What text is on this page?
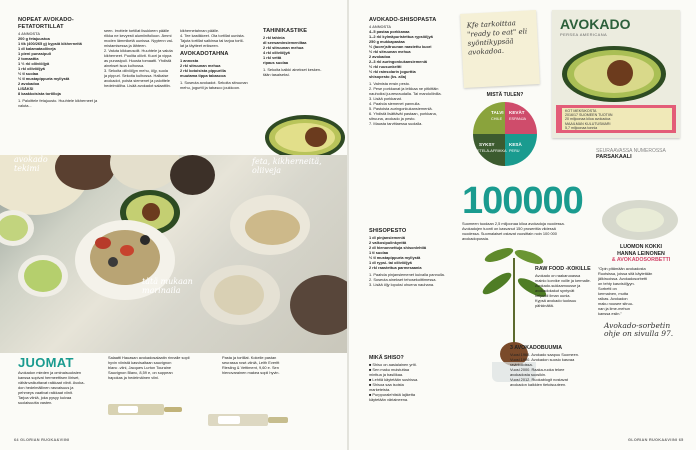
NOPEAT AVOKADO-FETATORTILLAT
4 ANNOSTA

200 g fetajuustoa

1 tlk (400/265 g) kypsiä kikherneitä

1 dl kalamataoliiveja

1 pieni punasipuli

2 tomaattia

1 ½ rkl oliiviöljyä

1 rkl oliiviöljyä

½ tl suolaa

½ tl mustapippuria myllystä

2 avokadoa

LISÄKSI

8 kaakkoisista tortilloja

1. Paloittele fetajuusto. Huuhtele kikherneet ja valuta...

seen. Irrottele tortillat lisukkeen päälle

riikka ne kevyesti alumiinifolioon. Ämmi

moden lämmiketä uunissa. Nyytenn val-

mistamisessa ja lähteen.

2. Valuta kikkarusolit. Huuhtele ja valuta

kikherneet. Puolita oliivit. Kuori ja vippa

as punasipuli. Huusta tomaatti. Yhdistä

ainekset isoa kulhossa.

3. Sekoita oliiviöljyn mehu, öljy, suola

ja pippuri. Sekoita kulhossa. Halkaise

avokadot, poista siemenet ja paloittele

hedelmäliha. Lisää avokadot salaattiin.

kikhernetahnan päälle.

4. Tee kastikkeet. Ota tortillat uunista.

Tajuta tortillat salkinsa tai tarjoa tortil-

lat ja täytteet erikseen.

AVOKADOTAHNA
1 annosta

2 rkl sitruunan mehua

2 rkl kotoisista pippurilla

muutama tippa tabascoa

1. Soseuta avokadot. Sekoita sitruunan

mehu, jogurtti ja tabasco joukkoon.

TAHINIKASTIKE

2 rkl tahinia

dl seesaminsiemeniltaa

2 rkl sitruunan mehua

4 rkl oliiviöljyä

1 rkl vettä

ripaus suolaa

1. Sekoita kaikki ainekset kesken-

tään tasaiseksi.

avokado tekimi
feta, kikherneitä, oliiveja
tätä mukaan marinaila
JUOMAT

Avokadon mieden ja ominaisuuksien

kanssa sopivat hermeettisen liiriset,

vähänvaikuttavat raikkaat viinit. Avoka-

don hedelmällinen rasvaisuus ja

pehmeys vaativat raikkaat viinit.

Tarjoa viiniä, joka pysyy kuivaa

suolaisuutta vasten.

Salaatti Hauasan avokadosalaatin rinnalle sopii

hyvin viinistä kasvisaltaan sauvignon

blanc -viini, Jacques Lurton Touraine

Sauvignon Blanc, 8,59 e, on suppean

hapokas ja hedelmäinen viini.

Pasta ja tortillat. Kokeile pastan

seurassa rosé-viiniä, Leith Everitt

Riesling & Vettiment, 9,60 e. Sen

hienovarainen makea sopii hyvin.

64 GLORIAN RUOKA&VIINI
AVOKADO-SHISOPASTA
4 ANNOSTA

4–5 pastaa porkkanaa

1–2 rkl kylmäpuristettua rypsiöljyä

250 g mukkapastaa

½ (tuore)sitruunan raastettu kuori

½ rkl sitruunan mehua

2 avokadoa

2–3 rkl auringonkukansiemeniä

½ rkl ruusunkeltti

½ rkl rainsolarin jogurttia

shisopesto (ks. alla)

1. Valmista ensin pesto.

2. Pese porkkanat ja leikkaa ne pitkittäin

nauhoiksi juuresraudalla. Tai mandoliinilla.

3. Lisää porkkanat.

4. Paahda siemenet pannulla.

5. Pastoista auringonkukansiemeniä.

6. Yhdistä lisättävät pastaan, porkkana,

sitruuna, avokado ja pesto.

7. Mausta tarvittaessa suolalla.

SHISOPESTO

1 dl pinjansiemeniä

2 valkosipulinkynttä

2 dl hienonnettuja shisonlehtiä

1 tl suolaa

½ tl mustapippuria myllystä

1 dl rypsi- tai oliiviöljyä

2 rkl raastettua parmesaania

1. Paahda pinjansiemenet kuivalla pannulla.

2. Soseuta ainekset tehosekoittimessa.

3. Lisää öljy lopuksi ohuena nauhana.

Kfe tarkoittaa "ready to eat" eli syöntikypsää avokadoa.
AVOKADO
PERSEA AMERICANA

KOT MEKSIKOSTA

2016/17 SUOMEEN TUOTIIN

20 miljoonaa kiloa avokadoa

MAAILMAN KULUTUSMARI

5,7 miljoonaa tonnia

MISTÄ TULEN?
TALVI
CHILE
KEVÄT
ESPANJA
KESÄ
PERU
SYKSY
ETELÄ-AFRIKKA	SEURAAVASSA NUMEROSSA
PARSAKAALI
100000

Suomeen tuodaan 2,5 miljoonaa kiloa avokadoja vuodessa.

Avokadojen tuonti on kasvanut 150 prosenttia viidessä

vuodessa. Suomalaiset ostavat vuosittain noin 100 000

avokadopussia.

RAW FOOD -KOKILLE

Avokado on raakaruoassa

mainio korvike voille ja kermalle.

Avokado-suklaamousse ja

avokadokakut syntyvät

helposti ilman uunia.

Kypsä avokado tuoksuu

pähkinältä.

MIKÄ SHISO?

■ Shiso on aasialainen yrtti.

■ Sen maku muistuttaa

minttua ja basilikaa.

■ Lehtiä käytetään sushissa.

■ Shisoa saa isoista

marketeista.

■ Purppuralehtistä lajiketta

käytetään väriaineena.

3 AVOKADOBUUMIA

Vuosi 1968. Avokado saapuu Suomeen.

Vuosi 1990. Avokadon suosio kasvaa

ravintoloissa.

Vuosi 2000. Raaka-ruoka tekee

avokadosta suosikin.

Vuosi 2012. Ruokablogit nostavat

avokadon kaikkien tietoisuuteen.

LUOMON KOKKI
HANNA LEINONEN
& AVOKADOSORBETTI

"Opin pitämään avokadosta

Ruotsissa, joissa sitä käytetään

jälkiruoissa. Avokadosorbetti

on tehty kasvisöljyyn.

Sorbetti on

kermainen, mutta

raikas. Avokadon

maku nousee sitruu-

nan ja lime-mehun

kanssa esiin."

Avokado-sorbetin ohje on sivulla 97.
GLORIAN RUOKA&VIINI 65
